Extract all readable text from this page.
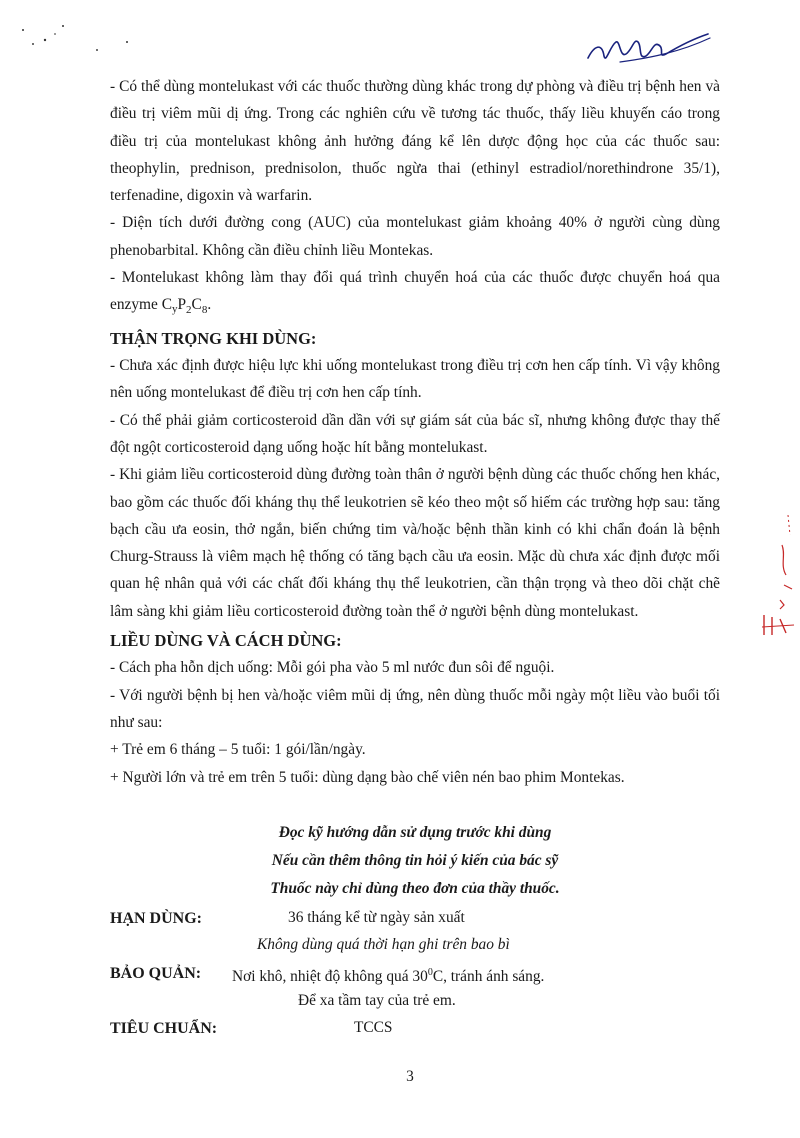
- Có thể dùng montelukast với các thuốc thường dùng khác trong dự phòng và điều trị bệnh hen và điều trị viêm mũi dị ứng. Trong các nghiên cứu về tương tác thuốc, thấy liều khuyến cáo trong điều trị của montelukast không ảnh hưởng đáng kể lên dược động học của các thuốc sau: theophylin, prednison, prednisolon, thuốc ngừa thai (ethinyl estradiol/norethindrone 35/1), terfenadine, digoxin và warfarin.

- Diện tích dưới đường cong (AUC) của montelukast giảm khoảng 40% ở người cùng dùng phenobarbital. Không cần điều chỉnh liều Montekas.

- Montelukast không làm thay đổi quá trình chuyển hoá của các thuốc được chuyển hoá qua enzyme $CyP_2C_8$.

THẬN TRỌNG KHI DÙNG:

- Chưa xác định được hiệu lực khi uống montelukast trong điều trị cơn hen cấp tính. Vì vậy không nên uống montelukast để điều trị cơn hen cấp tính.

- Có thể phải giảm corticosteroid dần dần với sự giám sát của bác sĩ, nhưng không được thay thế đột ngột corticosteroid dạng uống hoặc hít bằng montelukast.

- Khi giảm liều corticosteroid dùng đường toàn thân ở người bệnh dùng các thuốc chống hen khác, bao gồm các thuốc đối kháng thụ thể leukotrien sẽ kéo theo một số hiếm các trường hợp sau: tăng bạch cầu ưa eosin, thở ngắn, biến chứng tim và/hoặc bệnh thần kinh có khi chẩn đoán là bệnh Churg-Strauss là viêm mạch hệ thống có tăng bạch cầu ưa eosin. Mặc dù chưa xác định được mối quan hệ nhân quả với các chất đối kháng thụ thể leukotrien, cần thận trọng và theo dõi chặt chẽ lâm sàng khi giảm liều corticosteroid đường toàn thể ở người bệnh dùng montelukast.

LIỀU DÙNG VÀ CÁCH DÙNG:

- Cách pha hỗn dịch uống: Mỗi gói pha vào 5 ml nước đun sôi để nguội.

- Với người bệnh bị hen và/hoặc viêm mũi dị ứng, nên dùng thuốc mỗi ngày một liều vào buổi tối như sau:

+ Trẻ em 6 tháng – 5 tuổi: 1 gói/lần/ngày.

+ Người lớn và trẻ em trên 5 tuổi: dùng dạng bào chế viên nén bao phim Montekas.

Đọc kỹ hướng dẫn sử dụng trước khi dùng
Nếu cần thêm thông tin hỏi ý kiến của bác sỹ
Thuốc này chỉ dùng theo đơn của thầy thuốc.
HẠN DÙNG:	36 tháng kể từ ngày sản xuất
Không dùng quá thời hạn ghi trên bao bì
BẢO QUẢN: Nơi khô, nhiệt độ không quá $30^0C$, tránh ánh sáng.
Để xa tầm tay của trẻ em.
TIÊU CHUẨN:	TCCS
3
